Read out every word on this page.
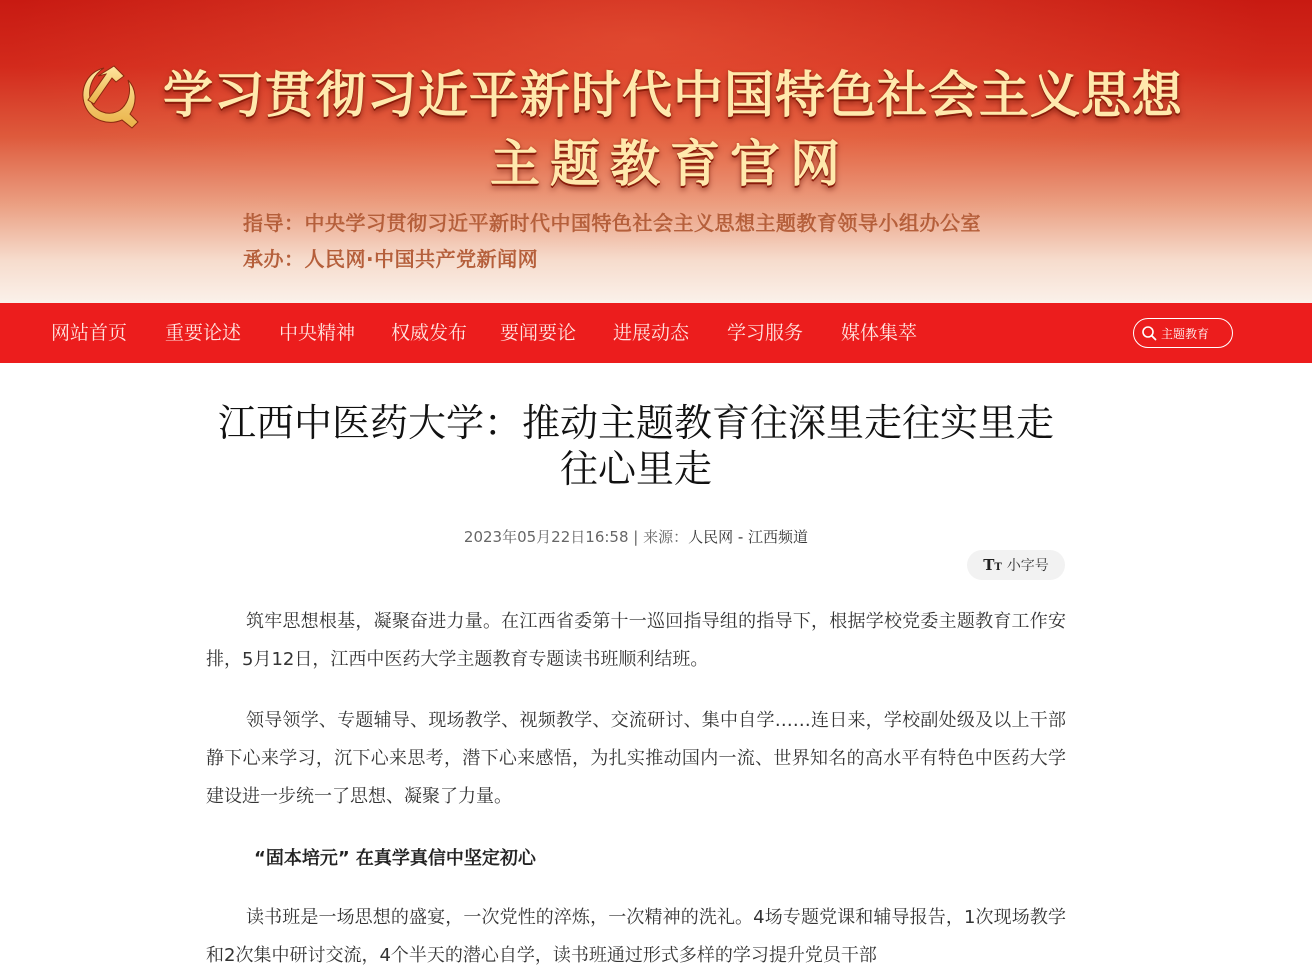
学习贯彻习近平新时代中国特色社会主义思想
主题教育官网
指导：中央学习贯彻习近平新时代中国特色社会主义思想主题教育领导小组办公室
承办：人民网·中国共产党新闻网
网站首页 重要论述 中央精神 权威发布 要闻要论 进展动态 学习服务 媒体集萃	主题教育
江西中医药大学：推动主题教育往深里走往实里走
往心里走
2023年05月22日16:58 | 来源：人民网 - 江西频道
TT 小字号

筑牢思想根基，凝聚奋进力量。在江西省委第十一巡回指导组的指导下，根据学校党委主题教育工作安排，5月12日，江西中医药大学主题教育专题读书班顺利结班。

领导领学、专题辅导、现场教学、视频教学、交流研讨、集中自学……连日来，学校副处级及以上干部静下心来学习，沉下心来思考，潜下心来感悟，为扎实推动国内一流、世界知名的高水平有特色中医药大学建设进一步统一了思想、凝聚了力量。

“固本培元” 在真学真信中坚定初心

读书班是一场思想的盛宴，一次党性的淬炼，一次精神的洗礼。4场专题党课和辅导报告，1次现场教学和2次集中研讨交流，4个半天的潜心自学，读书班通过形式多样的学习提升党员干部
